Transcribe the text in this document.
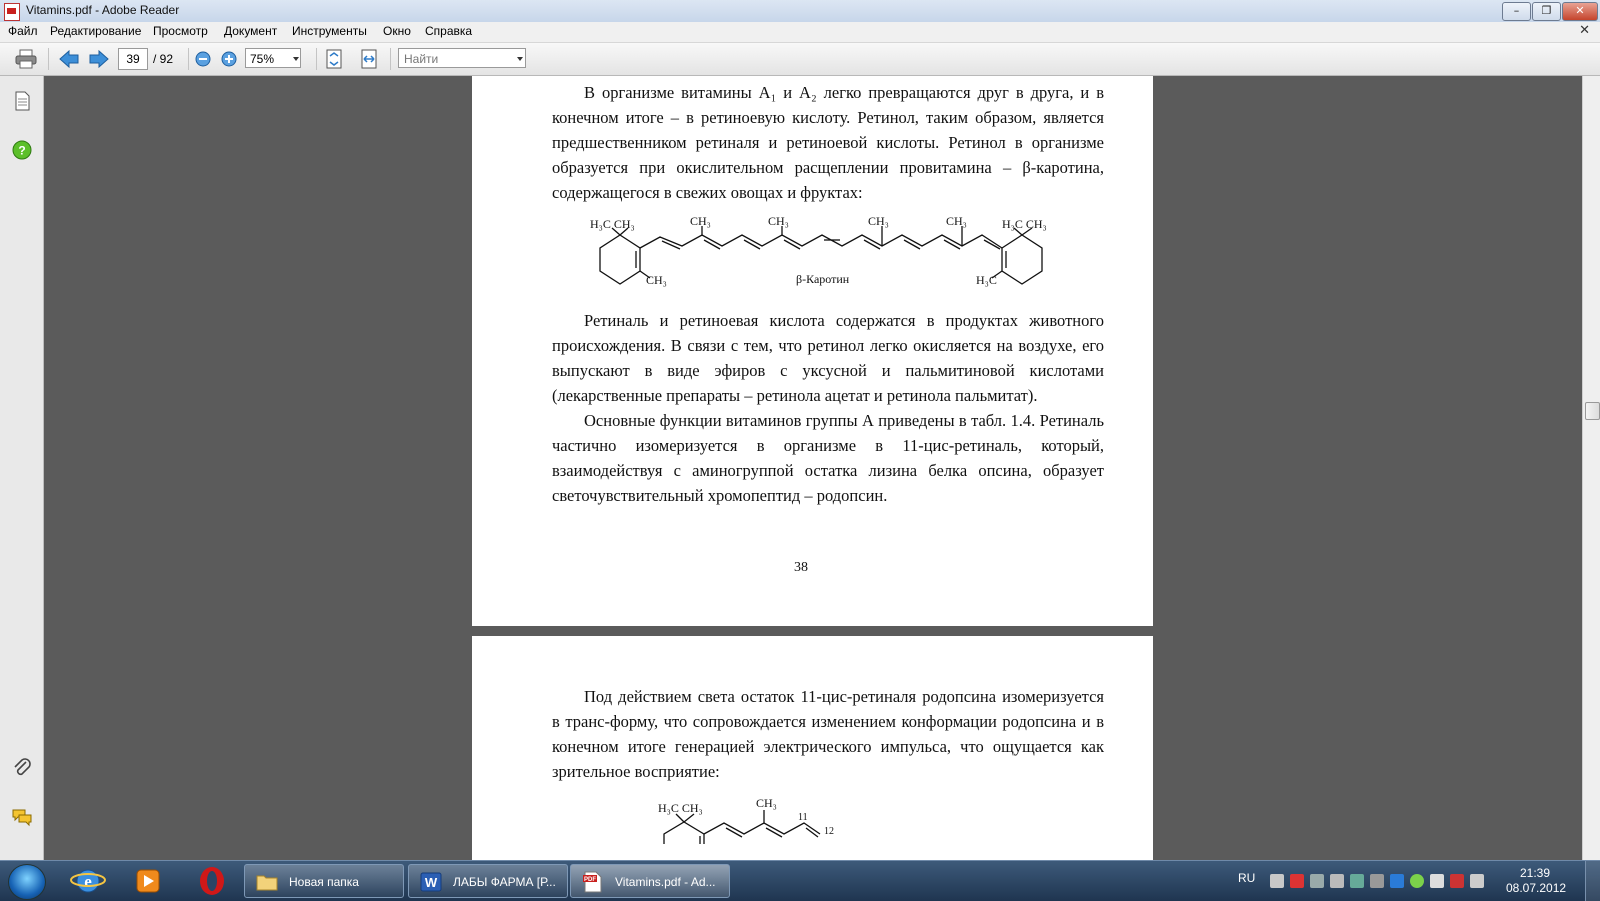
Vitamins.pdf - Adobe Reader	–	❐	✕
Файл Редактирование Просмотр Документ Инструменты Окно Справка	✕
39	/ 92	75%	Найти
?

В организме витамины А₁ и А₂ легко превращаются друг в друга, и в конечном итоге – в ретиноевую кислоту. Ретинол, таким образом, является предшественником ретиналя и ретиноевой кислоты. Ретинол в организме образуется при окислительном расщеплении провитамина – β-каротина, содержащегося в свежих овощах и фруктах:

H₃C CH₃
CH₃
CH₃	CH₃	CH₃	CH₃	H₃C CH₃
H₃C
β-Каротин

Ретиналь и ретиноевая кислота содержатся в продуктах животного происхождения. В связи с тем, что ретинол легко окисляется на воздухе, его выпускают в виде эфиров с уксусной и пальмитиновой кислотами (лекарственные препараты – ретинола ацетат и ретинола пальмитат).

Основные функции витаминов группы А приведены в табл. 1.4. Ретиналь частично изомеризуется в организме в 11-цис-ретиналь, который, взаимодействуя с аминогруппой остатка лизина белка опсина, образует светочувствительный хромопептид – родопсин.

38

Под действием света остаток 11-цис-ретиналя родопсина изомеризуется в транс-форму, что сопровождается изменением конформации родопсина и в конечном итоге генерацией электрического импульса, что ощущается как зрительное восприятие:

H₃C CH₃	CH₃
11
12
e	Новая папка	W ЛАБЫ ФАРМА [Р...	PDF Vitamins.pdf - Ad...	RU	21:39
08.07.2012
